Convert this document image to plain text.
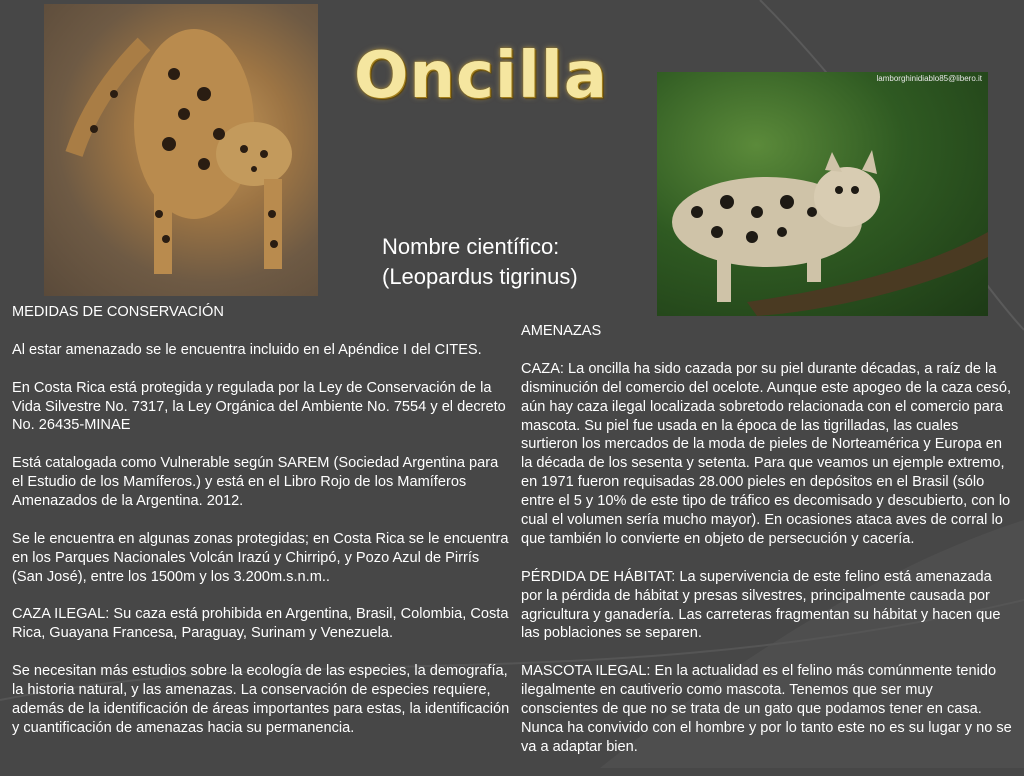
Oncilla	lamborghinidiablo85@libero.it
Nombre científico:
(Leopardus tigrinus)

MEDIDAS DE CONSERVACIÓN

Al estar amenazado se le encuentra incluido en el Apéndice I del CITES.

En Costa Rica está protegida y regulada por la Ley de Conservación de la Vida Silvestre No. 7317, la Ley Orgánica del Ambiente No. 7554 y el decreto No. 26435-MINAE

Está catalogada como Vulnerable según SAREM (Sociedad Argentina para el Estudio de los Mamíferos.) y está en el Libro Rojo de los Mamíferos Amenazados de la Argentina. 2012.

Se le encuentra en algunas zonas protegidas; en Costa Rica se le encuentra en los Parques Nacionales Volcán Irazú y Chirripó, y Pozo Azul de Pirrís (San José), entre los 1500m y los 3.200m.s.n.m..

CAZA ILEGAL: Su caza está prohibida en Argentina, Brasil, Colombia, Costa Rica, Guayana Francesa, Paraguay, Surinam y Venezuela.

Se necesitan más estudios sobre la ecología de las especies, la demografía, la historia natural, y las amenazas. La conservación de especies requiere, además de la identificación de áreas importantes para estas, la identificación y cuantificación de amenazas hacia su permanencia.

AMENAZAS

CAZA: La oncilla ha sido cazada por su piel durante décadas, a raíz de la disminución del comercio del ocelote. Aunque este apogeo de la caza cesó, aún hay caza ilegal localizada sobretodo relacionada con el comercio para mascota. Su piel fue usada en la época de las tigrilladas, las cuales surtieron los mercados de la moda de pieles de Norteamérica y Europa en la década de los sesenta y setenta. Para que veamos un ejemple extremo, en 1971 fueron requisadas 28.000 pieles en depósitos en el Brasil (sólo entre el 5 y 10% de este tipo de tráfico es decomisado y descubierto, con lo cual el volumen sería mucho mayor). En ocasiones ataca aves de corral lo que también lo convierte en objeto de persecución y cacería.

PÉRDIDA DE HÁBITAT: La supervivencia de este felino está amenazada por la pérdida de hábitat y presas silvestres, principalmente causada por agricultura y ganadería. Las carreteras fragmentan su hábitat y hacen que las poblaciones se separen.

MASCOTA ILEGAL: En la actualidad es el felino más comúnmente tenido ilegalmente en cautiverio como mascota. Tenemos que ser muy conscientes de que no se trata de un gato que podamos tener en casa. Nunca ha convivido con el hombre y por lo tanto este no es su lugar y no se va a adaptar bien.
